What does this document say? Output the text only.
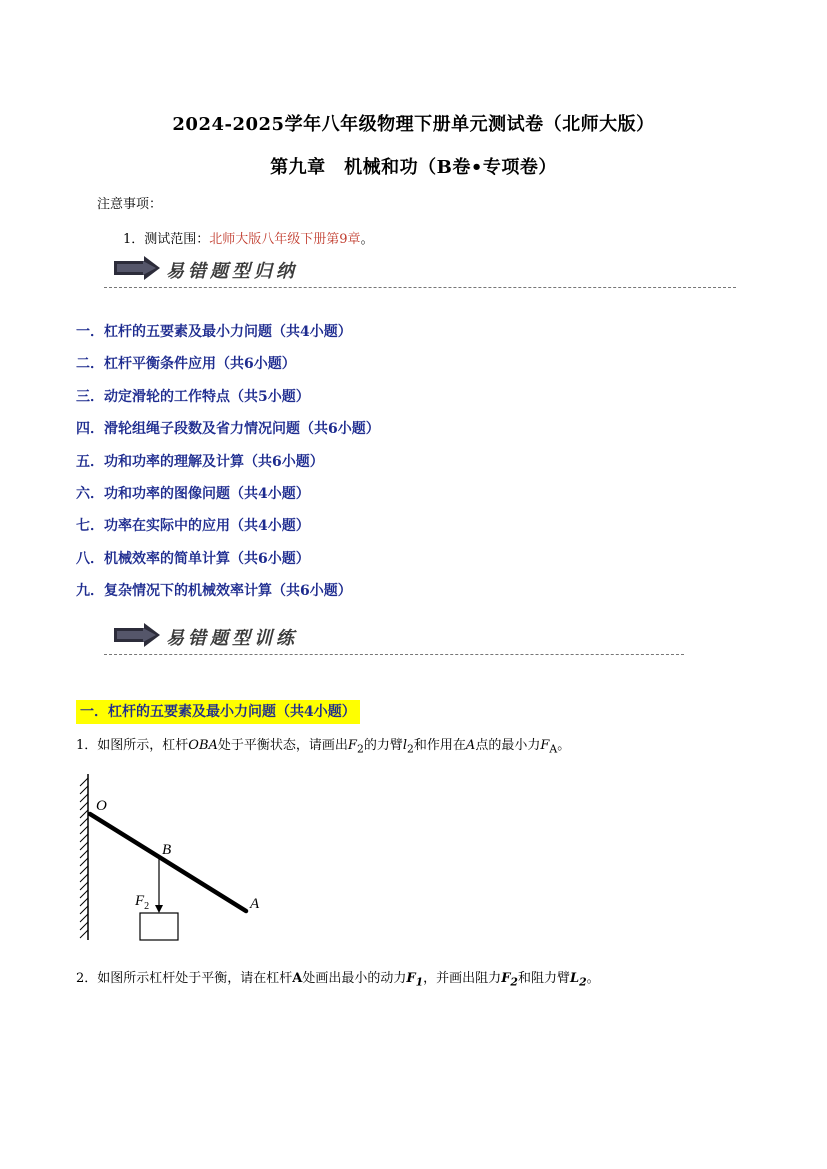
2024-2025学年八年级物理下册单元测试卷（北师大版）
第九章　机械和功（B卷•专项卷）
注意事项：
1．测试范围：北师大版八年级下册第9章。
易错题型归纳
一．杠杆的五要素及最小力问题（共4小题）
二．杠杆平衡条件应用（共6小题）
三．动定滑轮的工作特点（共5小题）
四．滑轮组绳子段数及省力情况问题（共6小题）
五．功和功率的理解及计算（共6小题）
六．功和功率的图像问题（共4小题）
七．功率在实际中的应用（共4小题）
八．机械效率的简单计算（共6小题）
九．复杂情况下的机械效率计算（共6小题）
易错题型训练
一．杠杆的五要素及最小力问题（共4小题）
1．如图所示，杠杆OBA处于平衡状态，请画出$F_2$的力臂$l_2$和作用在A点的最小力$F_A$。
O
B
A
$F_2$
2．如图所示杠杆处于平衡，请在杠杆A处画出最小的动力$F_1$，并画出阻力$F_2$和阻力臂$L_2$。
